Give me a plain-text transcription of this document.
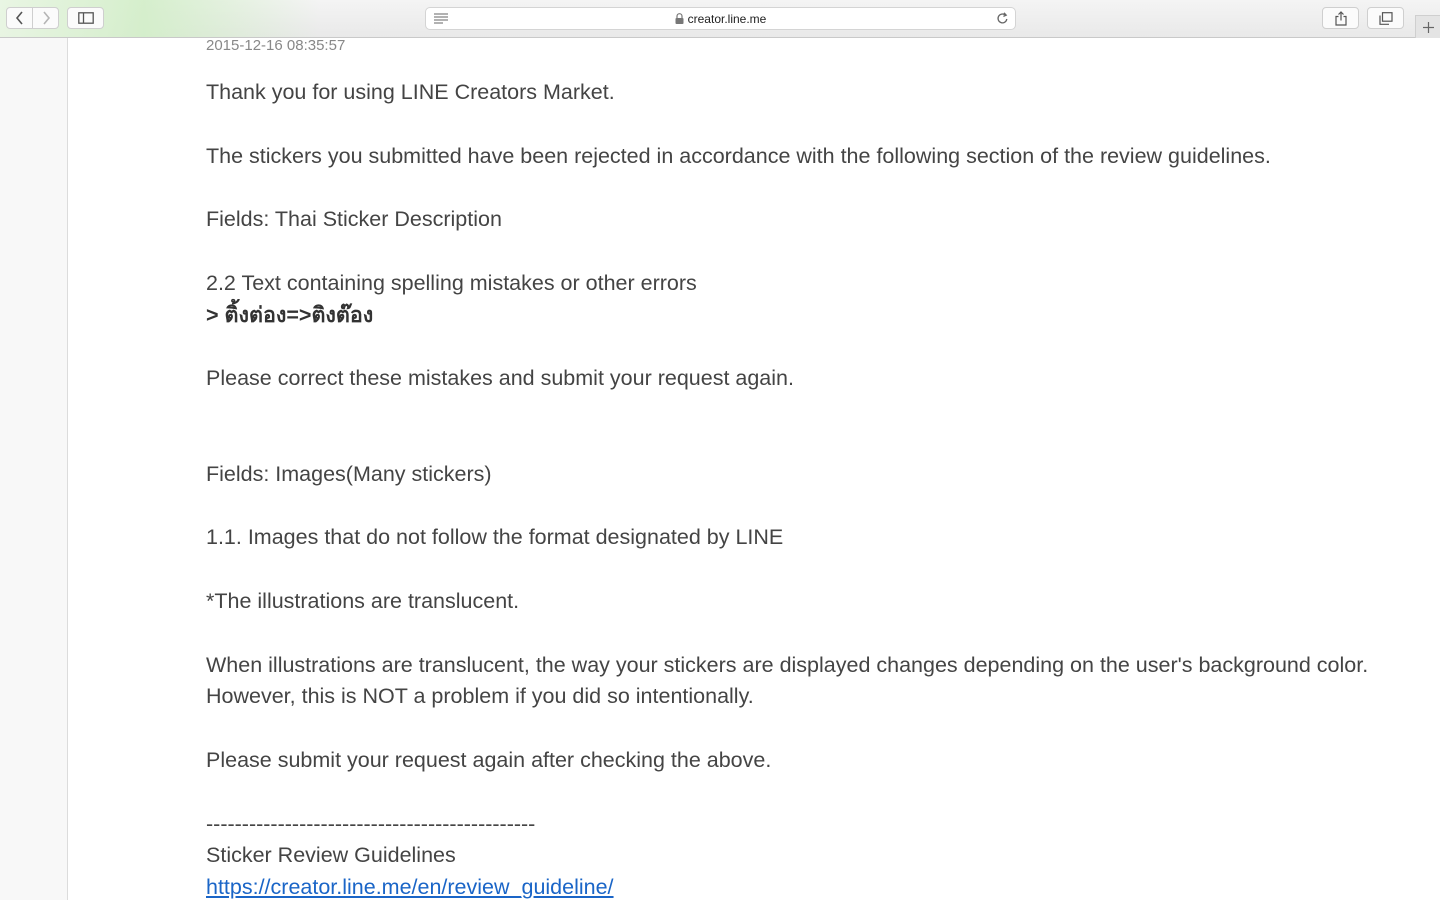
creator.line.me
2015-12-16 08:35:57
Thank you for using LINE Creators Market.
The stickers you submitted have been rejected in accordance with the following section of the review guidelines.
Fields: Thai Sticker Description
2.2 Text containing spelling mistakes or other errors
> ติ้งต่อง=>ติงต๊อง
Please correct these mistakes and submit your request again.
Fields: Images(Many stickers)
1.1. Images that do not follow the format designated by LINE
*The illustrations are translucent.
When illustrations are translucent, the way your stickers are displayed changes depending on the user's background color. However, this is NOT a problem if you did so intentionally.
Please submit your request again after checking the above.
----------------------------------------------
Sticker Review Guidelines
https://creator.line.me/en/review_guideline/
